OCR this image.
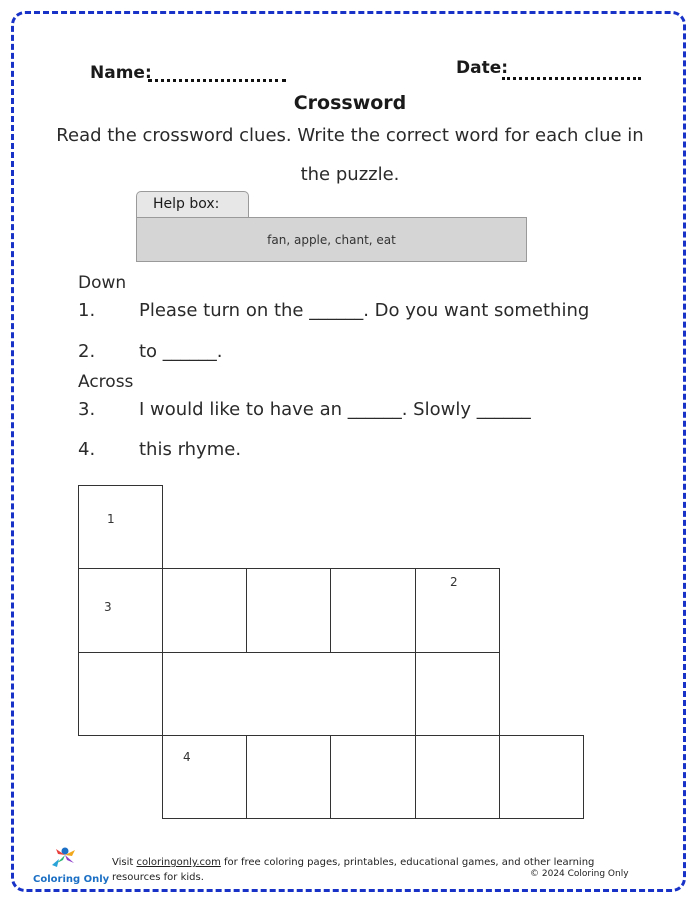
Name:	Date:
Crossword
Read the crossword clues. Write the correct word for each clue in
the puzzle.
Help box:
fan, apple, chant, eat
Down
1. Please turn on the ______. Do you want something
2. to ______.
Across
3. I would like to have an ______. Slowly ______
4. this rhyme.
1
3
2
4
Coloring Only
Visit coloringonly.com for free coloring pages, printables, educational games, and other learning resources for kids.	© 2024 Coloring Only
